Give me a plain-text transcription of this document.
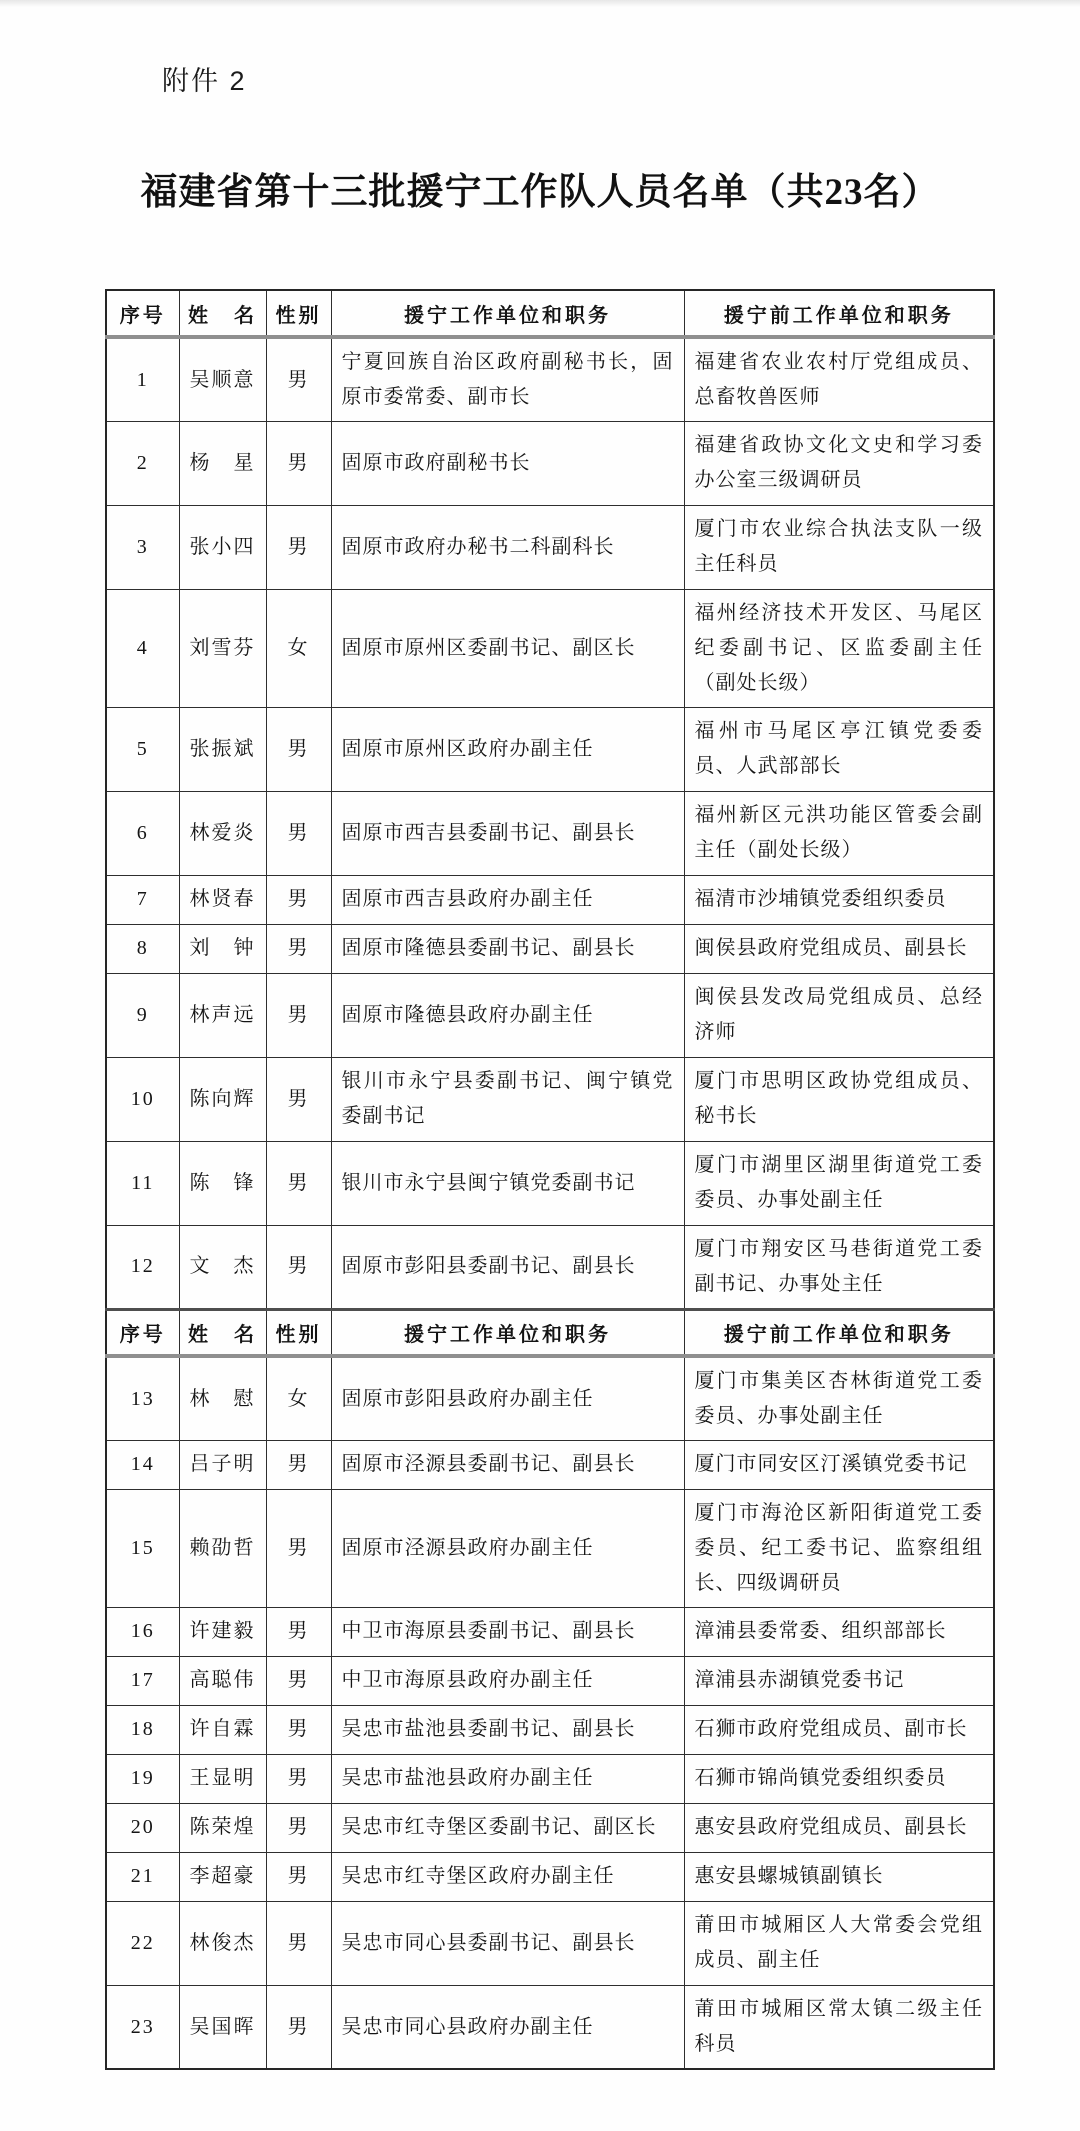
附件 2
福建省第十三批援宁工作队人员名单（共23名）
序号	姓　名	性别	援宁工作单位和职务	援宁前工作单位和职务
1	吴顺意	男	宁夏回族自治区政府副秘书长，固原市委常委、副市长	福建省农业农村厅党组成员、总畜牧兽医师
2	杨　星	男	固原市政府副秘书长	福建省政协文化文史和学习委办公室三级调研员
3	张小四	男	固原市政府办秘书二科副科长	厦门市农业综合执法支队一级主任科员
4	刘雪芬	女	固原市原州区委副书记、副区长	福州经济技术开发区、马尾区纪委副书记、区监委副主任（副处长级）
5	张振斌	男	固原市原州区政府办副主任	福州市马尾区亭江镇党委委员、人武部部长
6	林爱炎	男	固原市西吉县委副书记、副县长	福州新区元洪功能区管委会副主任（副处长级）
7	林贤春	男	固原市西吉县政府办副主任	福清市沙埔镇党委组织委员
8	刘　钟	男	固原市隆德县委副书记、副县长	闽侯县政府党组成员、副县长
9	林声远	男	固原市隆德县政府办副主任	闽侯县发改局党组成员、总经济师
10	陈向辉	男	银川市永宁县委副书记、闽宁镇党委副书记	厦门市思明区政协党组成员、秘书长
11	陈　锋	男	银川市永宁县闽宁镇党委副书记	厦门市湖里区湖里街道党工委委员、办事处副主任
12	文　杰	男	固原市彭阳县委副书记、副县长	厦门市翔安区马巷街道党工委副书记、办事处主任
序号	姓　名	性别	援宁工作单位和职务	援宁前工作单位和职务
13	林　慰	女	固原市彭阳县政府办副主任	厦门市集美区杏林街道党工委委员、办事处副主任
14	吕子明	男	固原市泾源县委副书记、副县长	厦门市同安区汀溪镇党委书记
15	赖劭哲	男	固原市泾源县政府办副主任	厦门市海沧区新阳街道党工委委员、纪工委书记、监察组组长、四级调研员
16	许建毅	男	中卫市海原县委副书记、副县长	漳浦县委常委、组织部部长
17	高聪伟	男	中卫市海原县政府办副主任	漳浦县赤湖镇党委书记
18	许自霖	男	吴忠市盐池县委副书记、副县长	石狮市政府党组成员、副市长
19	王显明	男	吴忠市盐池县政府办副主任	石狮市锦尚镇党委组织委员
20	陈荣煌	男	吴忠市红寺堡区委副书记、副区长	惠安县政府党组成员、副县长
21	李超豪	男	吴忠市红寺堡区政府办副主任	惠安县螺城镇副镇长
22	林俊杰	男	吴忠市同心县委副书记、副县长	莆田市城厢区人大常委会党组成员、副主任
23	吴国晖	男	吴忠市同心县政府办副主任	莆田市城厢区常太镇二级主任科员
